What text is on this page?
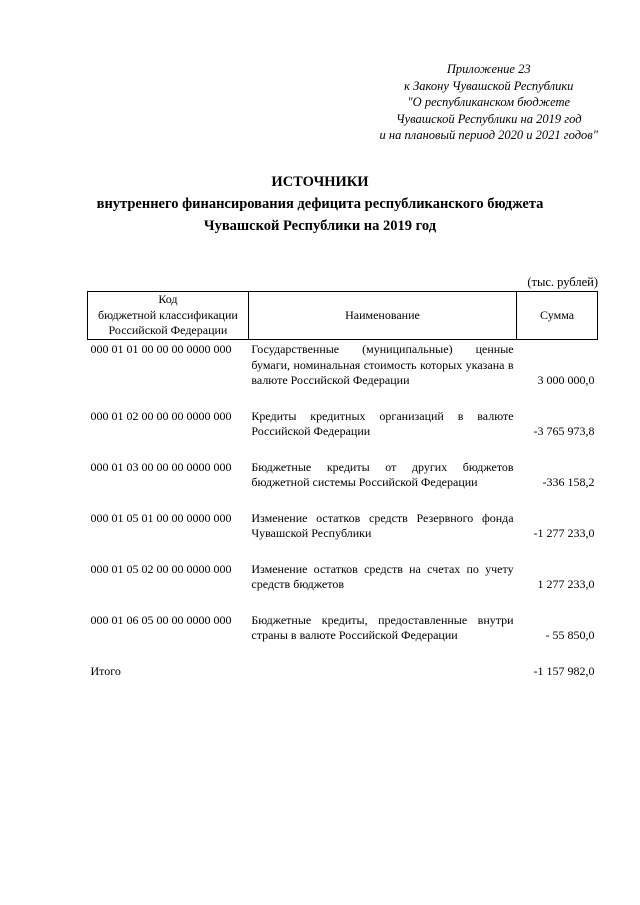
Приложение 23
к Закону Чувашской Республики
"О республиканском бюджете
Чувашской Республики на 2019 год
и на плановый период 2020 и 2021 годов"
ИСТОЧНИКИ
внутреннего финансирования дефицита республиканского бюджета
Чувашской Республики на 2019 год
(тыс. рублей)
Код
бюджетной классификации
Российской Федерации	Наименование	Сумма
000 01 01 00 00 00 0000 000	Государственные (муниципальные) ценные бумаги, номинальная стоимость которых указана в валюте Российской Федерации	3 000 000,0
000 01 02 00 00 00 0000 000	Кредиты кредитных организаций в валюте Российской Федерации	-3 765 973,8
000 01 03 00 00 00 0000 000	Бюджетные кредиты от других бюджетов бюджетной системы Российской Федерации	-336 158,2
000 01 05 01 00 00 0000 000	Изменение остатков средств Резервного фонда Чувашской Республики	-1 277 233,0
000 01 05 02 00 00 0000 000	Изменение остатков средств на счетах по учету средств бюджетов	1 277 233,0
000 01 06 05 00 00 0000 000	Бюджетные кредиты, предоставленные внутри страны в валюте Российской Федерации	- 55 850,0
Итого		-1 157 982,0
